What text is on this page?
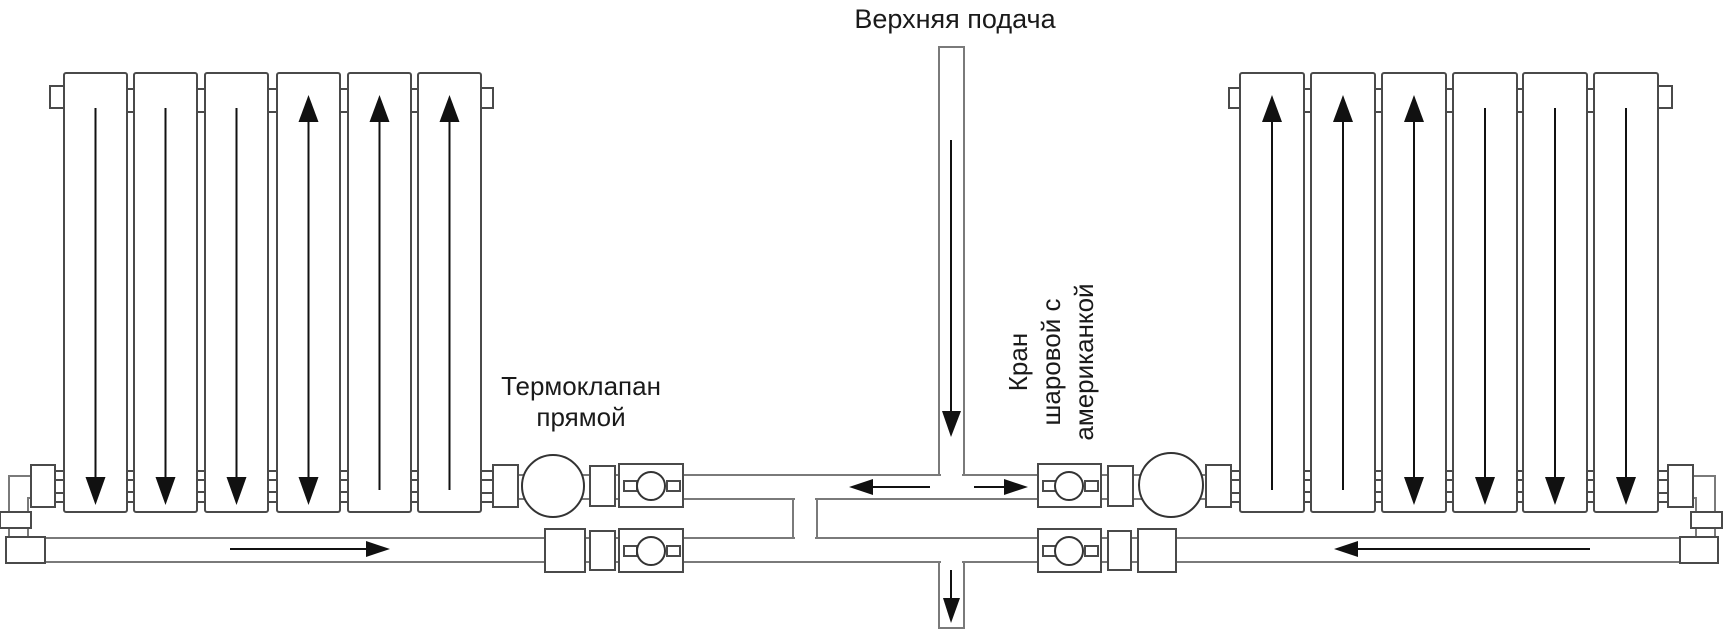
Верхняя подача
Термоклапан
прямой
Кран шаровой с американкой
